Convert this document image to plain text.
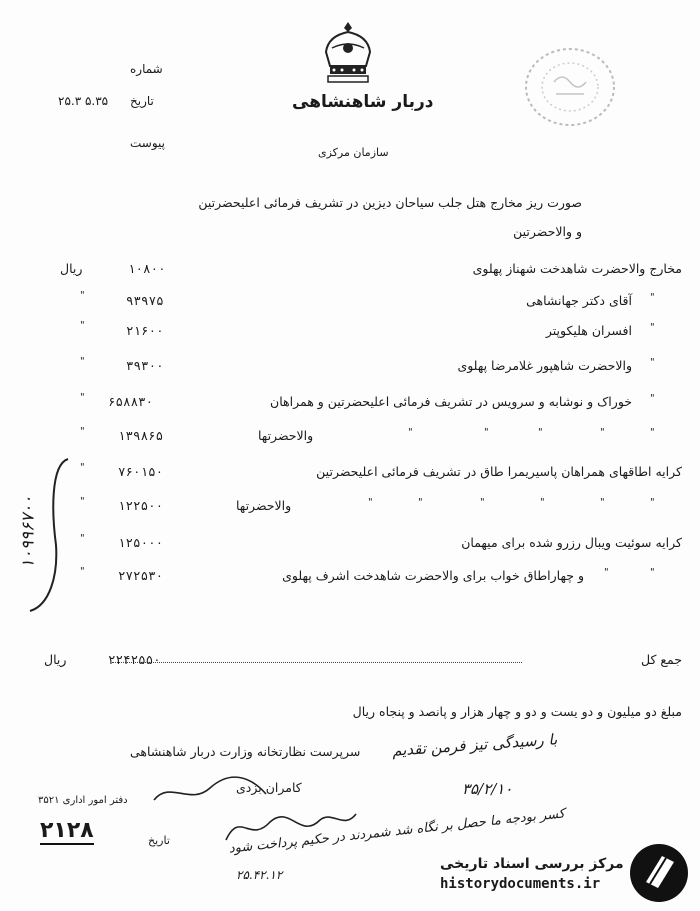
شماره
تاریخ
۲۵.۳ ۵.۳۵
پیوست
دربار شاهنشاهی
سازمان مرکزی
صورت ریز مخارج هتل جلب سیاحان دیزین در تشریف فرمائی اعلیحضرتین
و والاحضرتین
مخارج والاحضرت شاهدخت شهناز پهلوی
۱۰۸۰۰
ریال
"
آقای دکتر جهانشاهی
۹۳۹۷۵
"
"
افسران هلیکوپتر
۲۱۶۰۰
"
"
والاحضرت شاهپور غلامرضا پهلوی
۳۹۳۰۰
"
"
خوراک و نوشابه و سرویس در تشریف فرمائی اعلیحضرتین و همراهان
۶۵۸۸۳۰
"
"
"
"
"
"
والاحضرتها
۱۳۹۸۶۵
"
کرایه اطاقهای همراهان پاسیریمرا طاق در تشریف فرمائی اعلیحضرتین
۷۶۰۱۵۰
"
"
"
"
"
"
"
والاحضرتها
۱۲۲۵۰۰
"
کرایه سوئیت ویبال رزرو شده برای میهمان
۱۲۵۰۰۰
"
"
"
و چهاراطاق خواب برای والاحضرت شاهدخت اشرف پهلوی
۲۷۲۵۳۰
"
جمع کل
۲۲۴۲۵۵۰
ریال
مبلغ دو میلیون و دو یست و دو و چهار هزار و پانصد و پنجاه ریال
سرپرست نظارتخانه وزارت دربار شاهنشاهی
کامران بزدی
دفتر امور اداری ۳۵۲۱
۲۱۲۸	تاریخ
با رسیدگی تیز فرمن تقدیم
۳۵/۲/۱۰
کسر بودجه ما حصل بر نگاه شد شمردند در حکیم پرداخت شود
۲۵.۴۲.۱۲
۱۰۹۹۶۷۰۰
مرکز بررسی اسناد تاریخی
historydocuments.ir
